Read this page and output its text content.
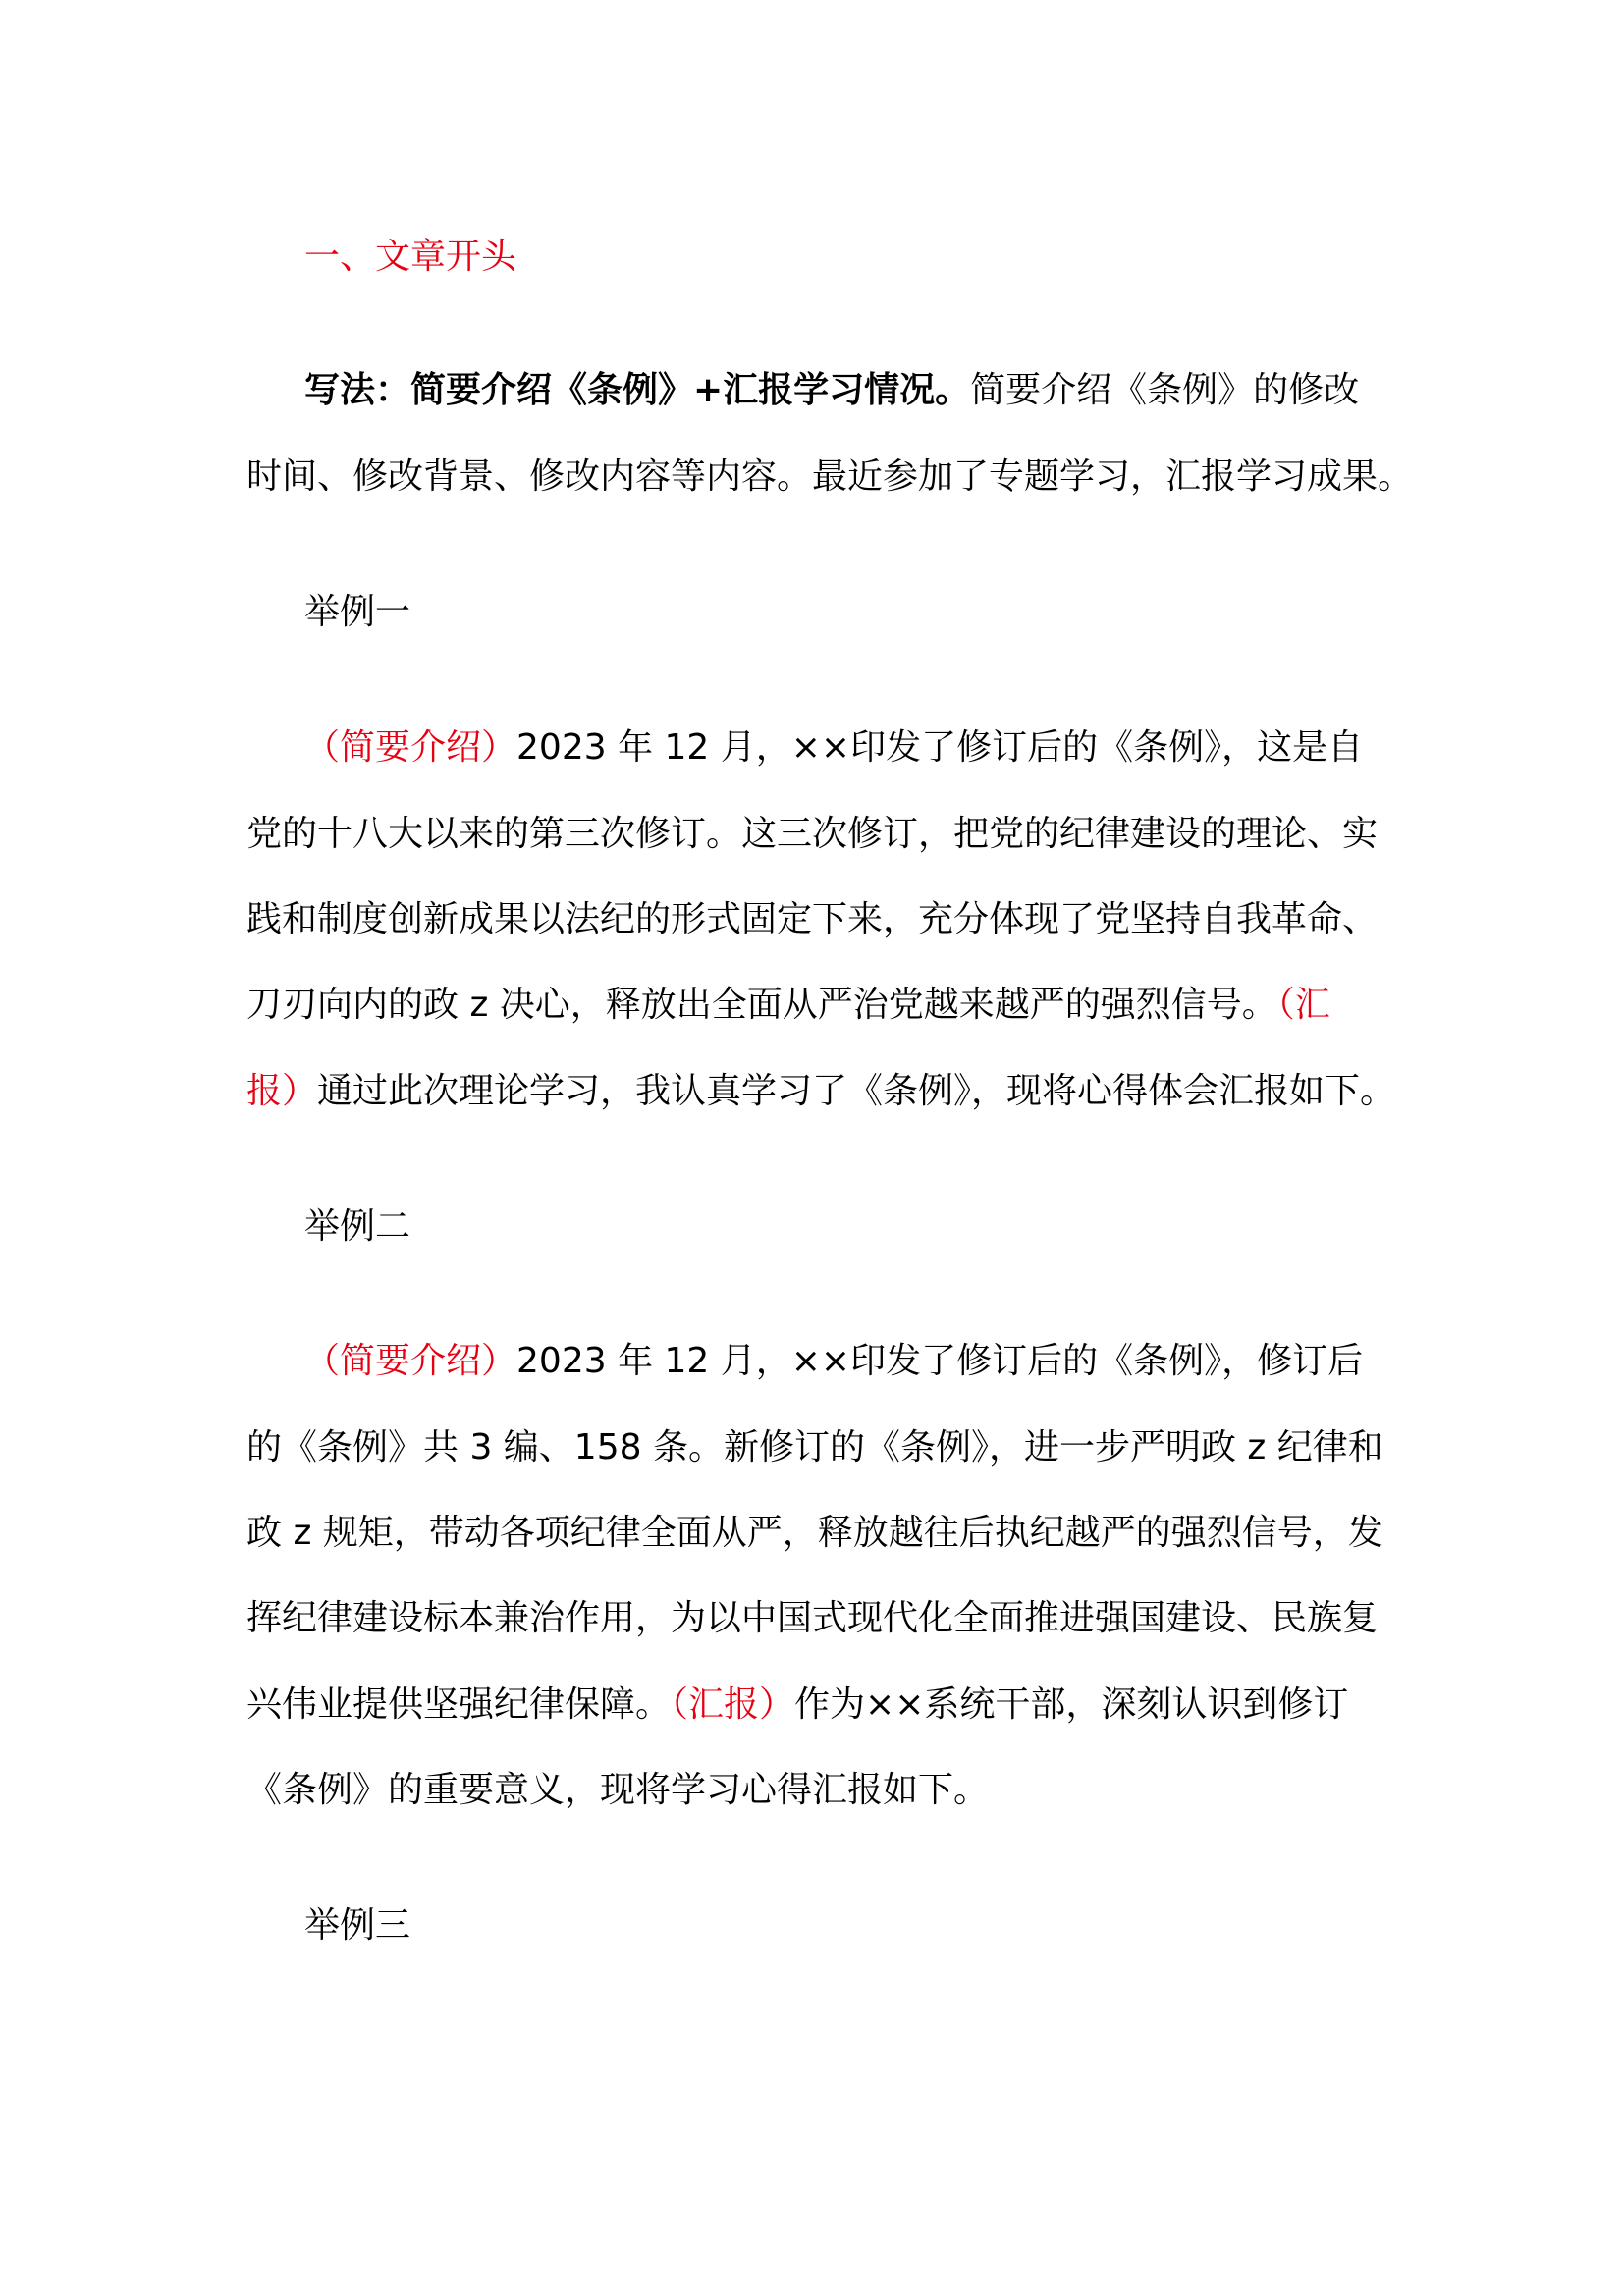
一、文章开头
写法：简要介绍《条例》+汇报学习情况。简要介绍《条例》的修改
时间、修改背景、修改内容等内容。最近参加了专题学习，汇报学习成果。
举例一
（简要介绍）2023 年 12 月，××印发了修订后的《条例》，这是自
党的十八大以来的第三次修订。这三次修订，把党的纪律建设的理论、实
践和制度创新成果以法纪的形式固定下来，充分体现了党坚持自我革命、
刀刃向内的政 z 决心，释放出全面从严治党越来越严的强烈信号。（汇
报）通过此次理论学习，我认真学习了《条例》，现将心得体会汇报如下。
举例二
（简要介绍）2023 年 12 月，××印发了修订后的《条例》，修订后
的《条例》共 3 编、158 条。新修订的《条例》，进一步严明政 z 纪律和
政 z 规矩，带动各项纪律全面从严，释放越往后执纪越严的强烈信号，发
挥纪律建设标本兼治作用，为以中国式现代化全面推进强国建设、民族复
兴伟业提供坚强纪律保障。（汇报）作为××系统干部，深刻认识到修订
《条例》的重要意义，现将学习心得汇报如下。
举例三
